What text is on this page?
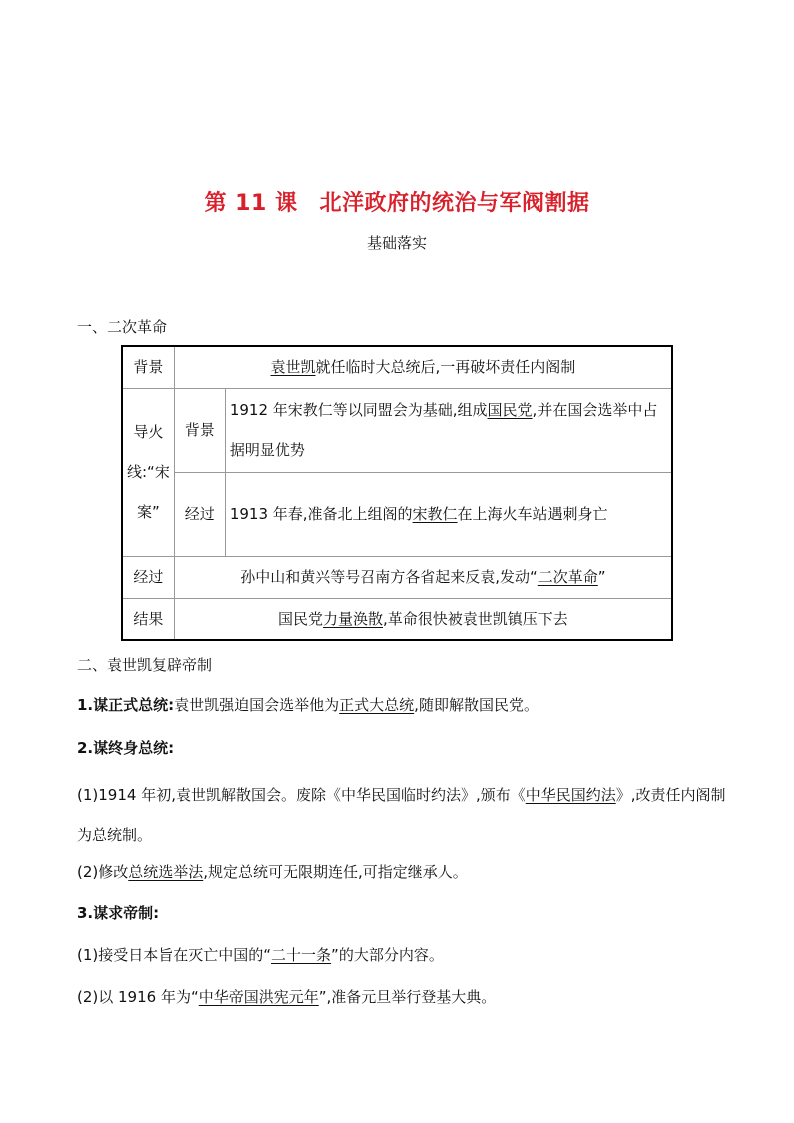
第 11 课 北洋政府的统治与军阀割据
基础落实
一、二次革命
背景	袁世凯就任临时大总统后,一再破坏责任内阁制	
导火线:“宋案”	背景	1912 年宋教仁等以同盟会为基础,组成国民党,并在国会选举中占据明显优势
	经过	1913 年春,准备北上组阁的宋教仁在上海火车站遇刺身亡
经过	孙中山和黄兴等号召南方各省起来反袁,发动“二次革命”	
结果	国民党力量涣散,革命很快被袁世凯镇压下去	
二、袁世凯复辟帝制
1.谋正式总统:袁世凯强迫国会选举他为正式大总统,随即解散国民党。
2.谋终身总统:
(1)1914 年初,袁世凯解散国会。废除《中华民国临时约法》,颁布《中华民国约法》,改责任内阁制为总统制。
(2)修改总统选举法,规定总统可无限期连任,可指定继承人。
3.谋求帝制:
(1)接受日本旨在灭亡中国的“二十一条”的大部分内容。
(2)以 1916 年为“中华帝国洪宪元年”,准备元旦举行登基大典。
